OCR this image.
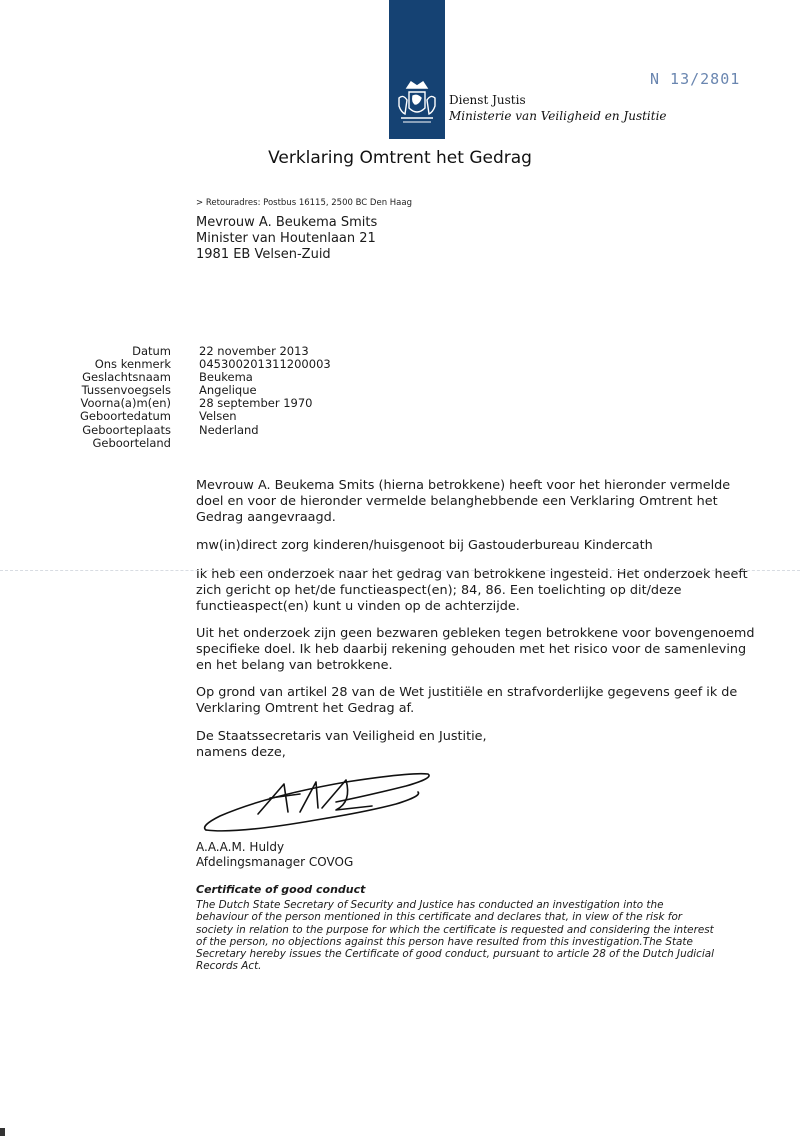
Dienst Justis
Ministerie van Veiligheid en Justitie
N 13/2801
Verklaring Omtrent het Gedrag
> Retouradres: Postbus 16115, 2500 BC Den Haag
Mevrouw A. Beukema Smits
Minister van Houtenlaan 21
1981 EB Velsen-Zuid
Datum
Ons kenmerk
Geslachtsnaam
Tussenvoegsels
Voorna(a)m(en)
Geboortedatum
Geboorteplaats
Geboorteland
22 november 2013
045300201311200003
Beukema
Angelique
28 september 1970
Velsen
Nederland
Mevrouw A. Beukema Smits (hierna betrokkene) heeft voor het hieronder vermelde doel en voor de hieronder vermelde belanghebbende een Verklaring Omtrent het Gedrag aangevraagd.
mw(in)direct zorg kinderen/huisgenoot bij Gastouderbureau Kindercath
Ik heb een onderzoek naar het gedrag van betrokkene ingesteld. Het onderzoek heeft zich gericht op het/de functieaspect(en); 84, 86. Een toelichting op dit/deze functieaspect(en) kunt u vinden op de achterzijde.
Uit het onderzoek zijn geen bezwaren gebleken tegen betrokkene voor bovengenoemd specifieke doel. Ik heb daarbij rekening gehouden met het risico voor de samenleving en het belang van betrokkene.
Op grond van artikel 28 van de Wet justitiële en strafvorderlijke gegevens geef ik de Verklaring Omtrent het Gedrag af.
De Staatssecretaris van Veiligheid en Justitie, namens deze,
A.A.A.M. Huldy
Afdelingsmanager COVOG
Certificate of good conduct
The Dutch State Secretary of Security and Justice has conducted an investigation into the behaviour of the person mentioned in this certificate and declares that, in view of the risk for society in relation to the purpose for which the certificate is requested and considering the interest of the person, no objections against this person have resulted from this investigation.The State Secretary hereby issues the Certificate of good conduct, pursuant to article 28 of the Dutch Judicial Records Act.
